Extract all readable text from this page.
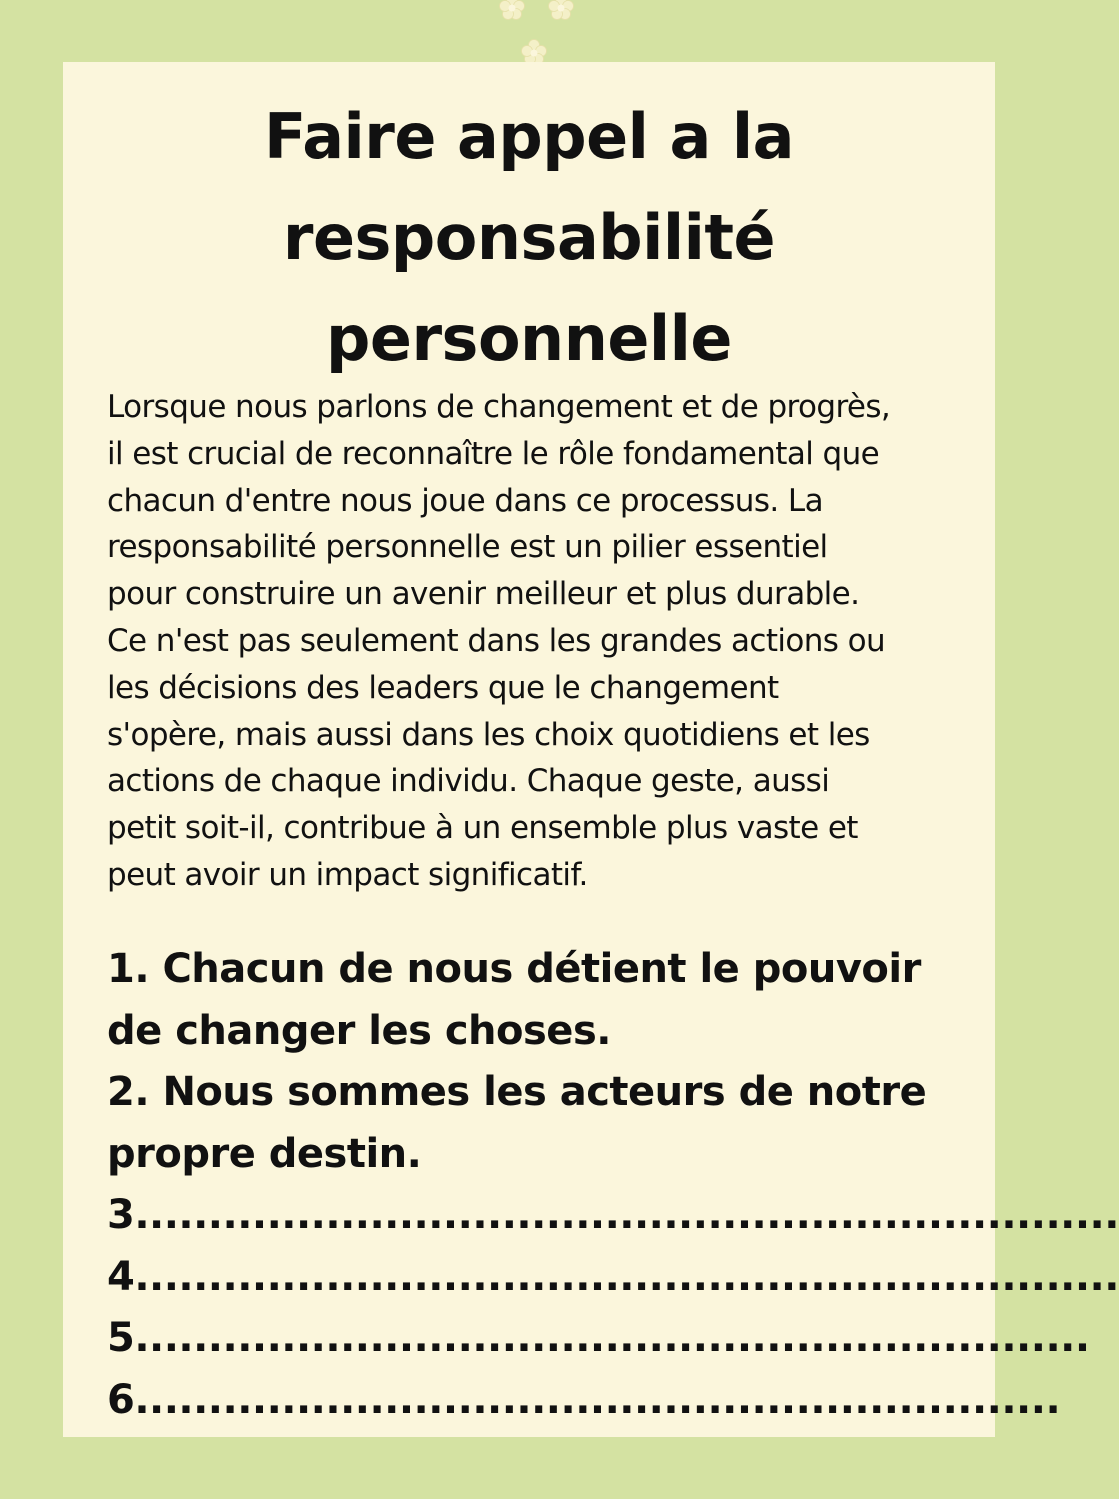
Faire appel a la
responsabilité
personnelle

Lorsque nous parlons de changement et de progrès,
il est crucial de reconnaître le rôle fondamental que
chacun d'entre nous joue dans ce processus. La
responsabilité personnelle est un pilier essentiel
pour construire un avenir meilleur et plus durable.
Ce n'est pas seulement dans les grandes actions ou
les décisions des leaders que le changement
s'opère, mais aussi dans les choix quotidiens et les
actions de chaque individu. Chaque geste, aussi
petit soit-il, contribue à un ensemble plus vaste et
peut avoir un impact significatif.

1. Chacun de nous détient le pouvoir
de changer les choses.
2. Nous sommes les acteurs de notre
propre destin.
3...................................................................
4...................................................................
5.................................................................
6...............................................................
